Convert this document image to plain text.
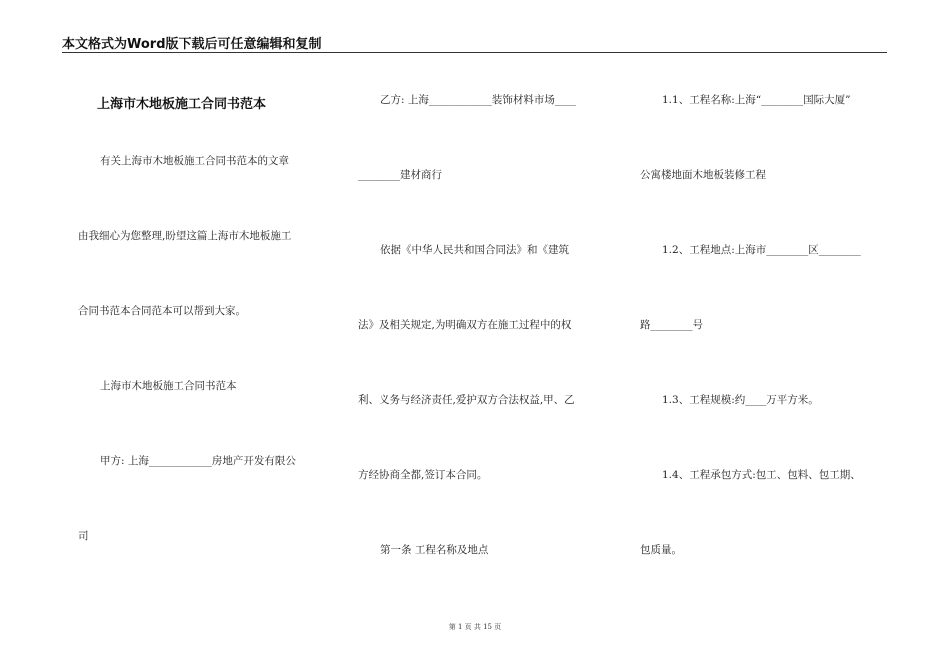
本文格式为Word版下载后可任意编辑和复制
上海市木地板施工合同书范本
有关上海市木地板施工合同书范本的文章
由我细心为您整理,盼望这篇上海市木地板施工
合同书范本合同范本可以帮到大家。
上海市木地板施工合同书范本
甲方: 上海____________房地产开发有限公
司
乙方: 上海____________装饰材料市场____
________建材商行
依据《中华人民共和国合同法》和《建筑
法》及相关规定,为明确双方在施工过程中的权
利、义务与经济责任,爱护双方合法权益,甲、乙
方经协商全都,签订本合同。
第一条 工程名称及地点
1.1、工程名称:上海“________国际大厦”
公寓楼地面木地板装修工程
1.2、工程地点:上海市________区________
路________号
1.3、工程规模:约____万平方米。
1.4、工程承包方式:包工、包料、包工期、
包质量。
第 1 页 共 15 页
